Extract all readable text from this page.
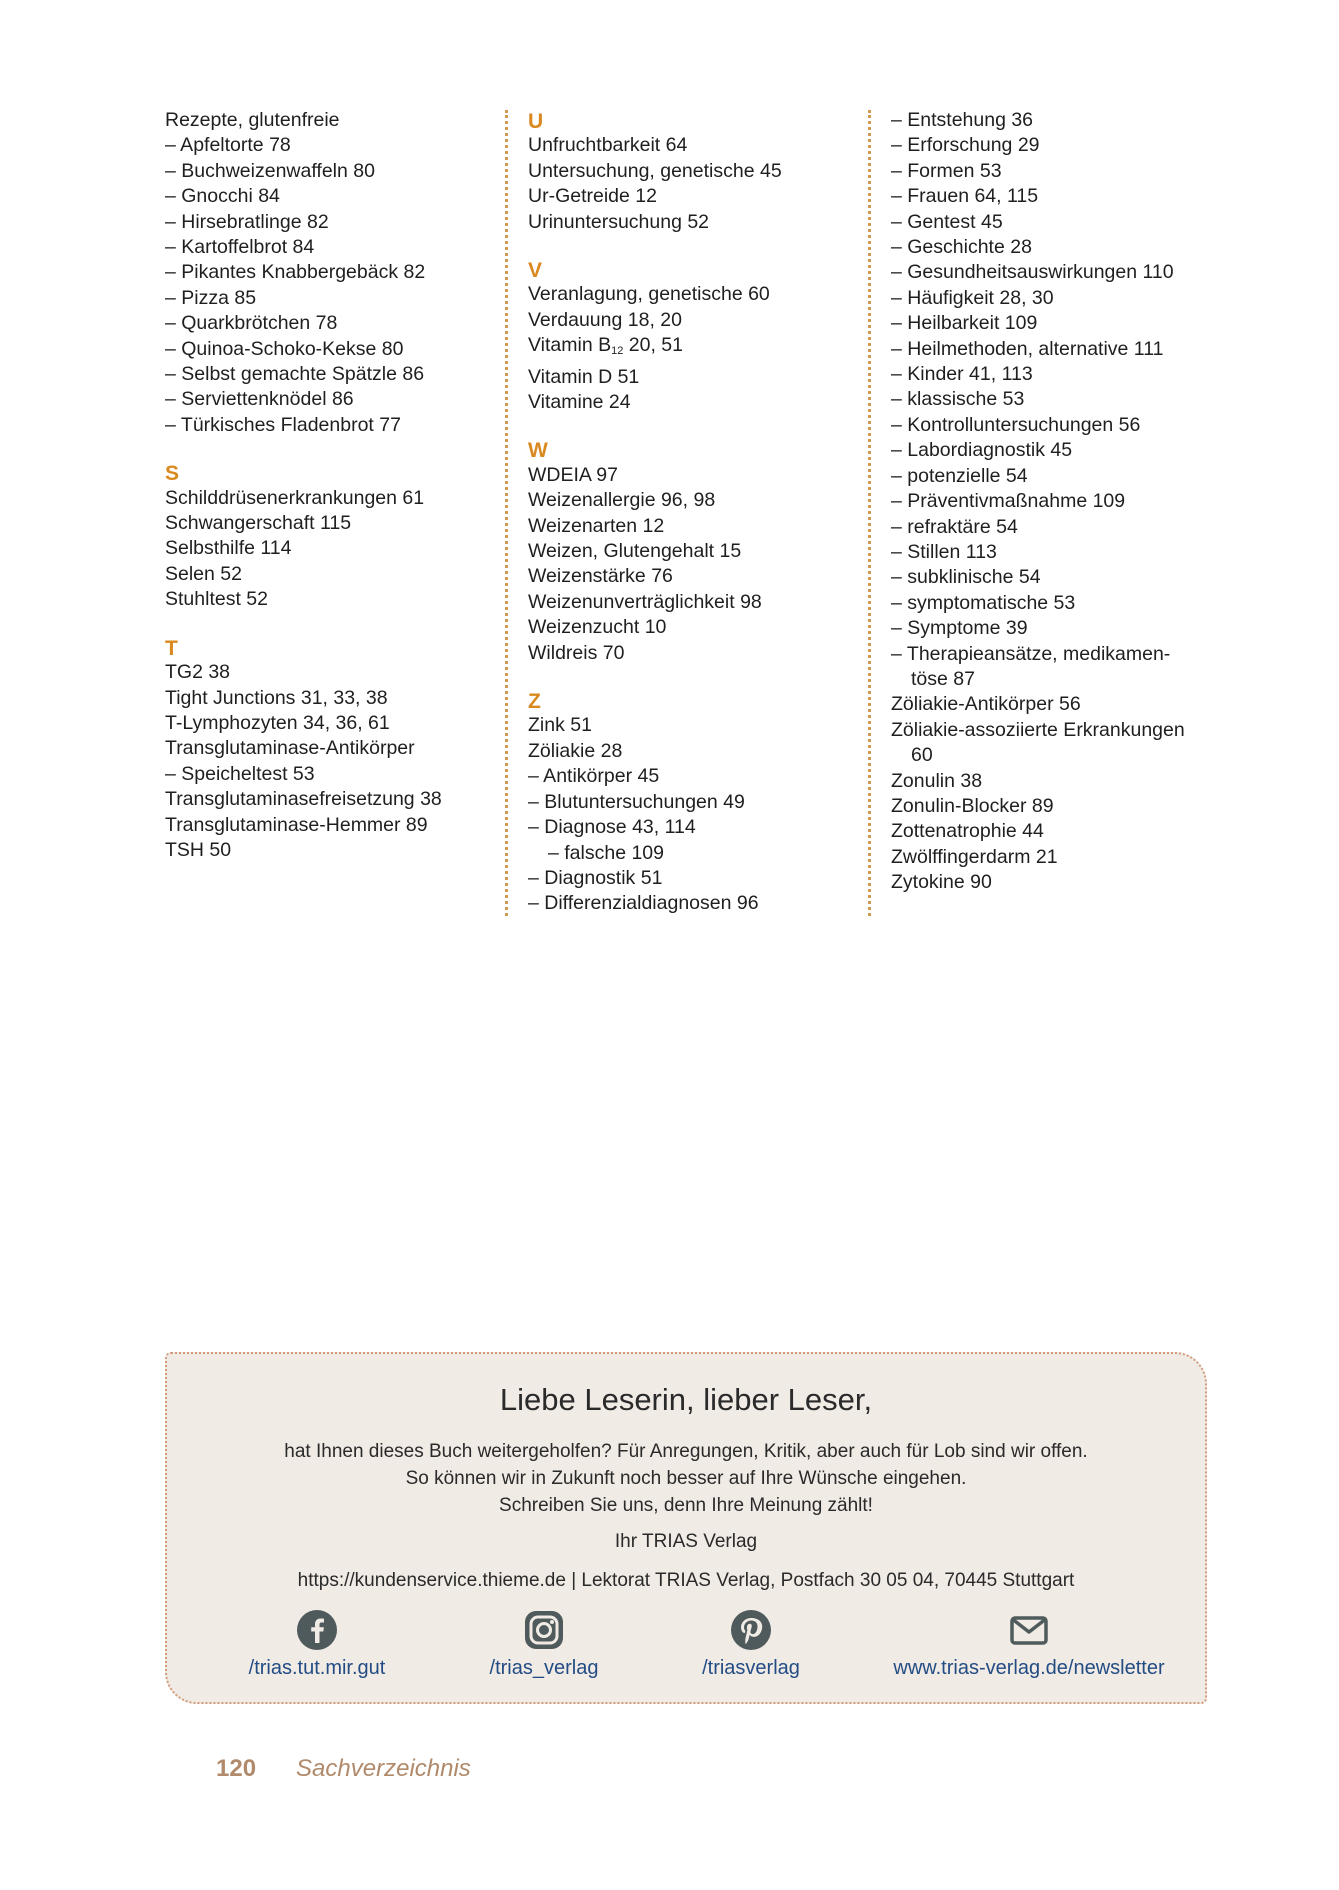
Rezepte, glutenfreie
– Apfeltorte 78
– Buchweizenwaffeln 80
– Gnocchi 84
– Hirsebratlinge 82
– Kartoffelbrot 84
– Pikantes Knabbergebäck 82
– Pizza 85
– Quarkbrötchen 78
– Quinoa-Schoko-Kekse 80
– Selbst gemachte Spätzle 86
– Serviettenknödel 86
– Türkisches Fladenbrot 77
S
Schilddrüsenerkrankungen 61
Schwangerschaft 115
Selbsthilfe 114
Selen 52
Stuhltest 52
T
TG2 38
Tight Junctions 31, 33, 38
T-Lymphozyten 34, 36, 61
Transglutaminase-Antikörper
– Speicheltest 53
Transglutaminasefreisetzung 38
Transglutaminase-Hemmer 89
TSH 50
U
Unfruchtbarkeit 64
Untersuchung, genetische 45
Ur-Getreide 12
Urinuntersuchung 52
V
Veranlagung, genetische 60
Verdauung 18, 20
Vitamin $B_{12}$ 20, 51
Vitamin D 51
Vitamine 24
W
WDEIA 97
Weizenallergie 96, 98
Weizenarten 12
Weizen, Glutengehalt 15
Weizenstärke 76
Weizenunverträglichkeit 98
Weizenzucht 10
Wildreis 70
Z
Zink 51
Zöliakie 28
– Antikörper 45
– Blutuntersuchungen 49
– Diagnose 43, 114
– falsche 109
– Diagnostik 51
– Differenzialdiagnosen 96
– Entstehung 36
– Erforschung 29
– Formen 53
– Frauen 64, 115
– Gentest 45
– Geschichte 28
– Gesundheitsauswirkungen 110
– Häufigkeit 28, 30
– Heilbarkeit 109
– Heilmethoden, alternative 111
– Kinder 41, 113
– klassische 53
– Kontrolluntersuchungen 56
– Labordiagnostik 45
– potenzielle 54
– Präventivmaßnahme 109
– refraktäre 54
– Stillen 113
– subklinische 54
– symptomatische 53
– Symptome 39
– Therapieansätze, medikamen-
töse 87
Zöliakie-Antikörper 56
Zöliakie-assoziierte Erkrankungen
60
Zonulin 38
Zonulin-Blocker 89
Zottenatrophie 44
Zwölffingerdarm 21
Zytokine 90
Liebe Leserin, lieber Leser,
hat Ihnen dieses Buch weitergeholfen? Für Anregungen, Kritik, aber auch für Lob sind wir offen.
So können wir in Zukunft noch besser auf Ihre Wünsche eingehen.
Schreiben Sie uns, denn Ihre Meinung zählt!
Ihr TRIAS Verlag
https://kundenservice.thieme.de | Lektorat TRIAS Verlag, Postfach 30 05 04, 70445 Stuttgart
/trias.tut.mir.gut	/trias_verlag	/triasverlag	www.trias-verlag.de/newsletter
120 Sachverzeichnis
